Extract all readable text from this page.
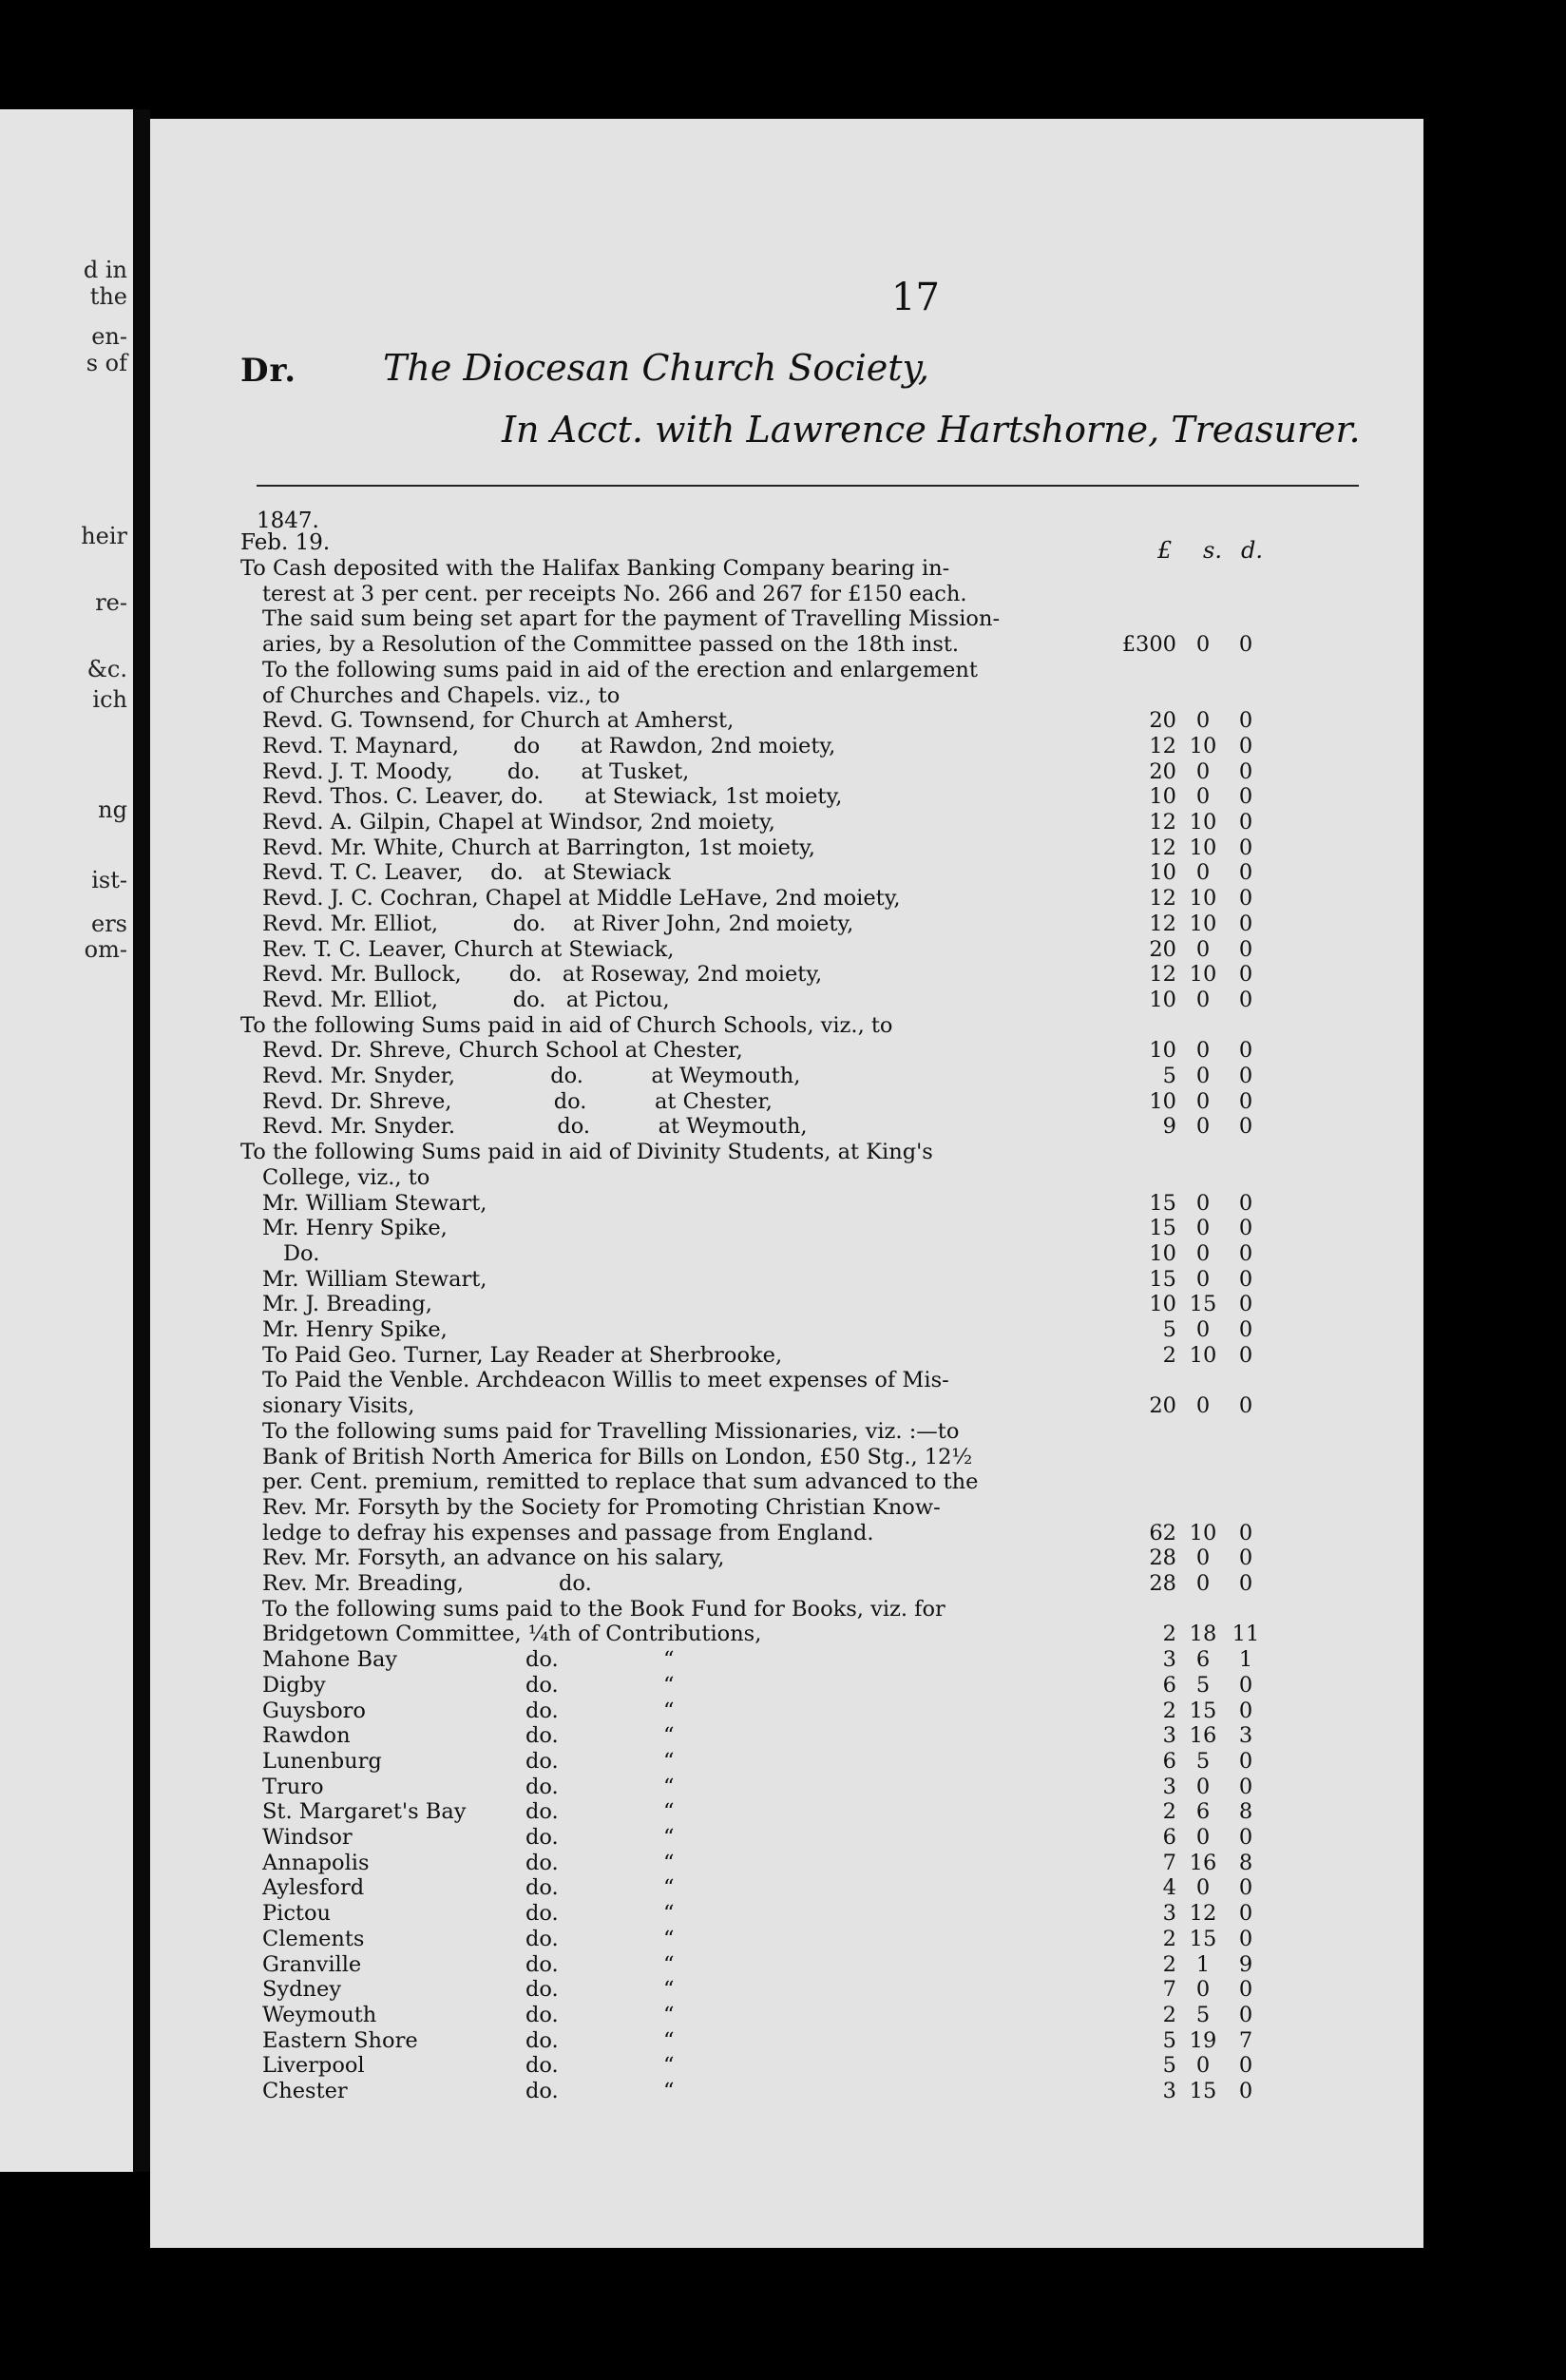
d in
the
en-
s of
heir
re-
&c.
ich
ng
ist-
ers
om-
17
Dr. The Diocesan Church Society,
In Acct. with Lawrence Hartshorne, Treasurer.
1847.
Feb. 19.	£ s. d.
To Cash deposited with the Halifax Banking Company bearing in-
terest at 3 per cent. per receipts No. 266 and 267 for £150 each.
The said sum being set apart for the payment of Travelling Mission-
aries, by a Resolution of the Committee passed on the 18th inst.	£300 0	0
To the following sums paid in aid of the erection and enlargement
of Churches and Chapels. viz., to
Revd. G. Townsend, for Church at Amherst,	20 0	0
Revd. T. Maynard,        do      at Rawdon, 2nd moiety,	12 10	0
Revd. J. T. Moody,        do.      at Tusket,	20 0	0
Revd. Thos. C. Leaver, do.      at Stewiack, 1st moiety,	10 0	0
Revd. A. Gilpin, Chapel at Windsor, 2nd moiety,	12 10	0
Revd. Mr. White, Church at Barrington, 1st moiety,	12 10	0
Revd. T. C. Leaver,    do.   at Stewiack	10 0	0
Revd. J. C. Cochran, Chapel at Middle LeHave, 2nd moiety,	12 10	0
Revd. Mr. Elliot,           do.    at River John, 2nd moiety,	12 10	0
Rev. T. C. Leaver, Church at Stewiack,	20 0	0
Revd. Mr. Bullock,       do.   at Roseway, 2nd moiety,	12 10	0
Revd. Mr. Elliot,           do.   at Pictou,	10 0	0
To the following Sums paid in aid of Church Schools, viz., to
Revd. Dr. Shreve, Church School at Chester,	10 0	0
Revd. Mr. Snyder,              do.          at Weymouth,	5 0	0
Revd. Dr. Shreve,               do.          at Chester,	10 0	0
Revd. Mr. Snyder.               do.          at Weymouth,	9 0	0
To the following Sums paid in aid of Divinity Students, at King's
College, viz., to
Mr. William Stewart,	15 0	0
Mr. Henry Spike,	15 0	0
Do.	10 0	0
Mr. William Stewart,	15 0	0
Mr. J. Breading,	10 15	0
Mr. Henry Spike,	5 0	0
To Paid Geo. Turner, Lay Reader at Sherbrooke,	2 10	0
To Paid the Venble. Archdeacon Willis to meet expenses of Mis-
sionary Visits,	20 0	0
To the following sums paid for Travelling Missionaries, viz. :—to
Bank of British North America for Bills on London, £50 Stg., 12½
per. Cent. premium, remitted to replace that sum advanced to the
Rev. Mr. Forsyth by the Society for Promoting Christian Know-
ledge to defray his expenses and passage from England.	62 10	0
Rev. Mr. Forsyth, an advance on his salary,	28 0	0
Rev. Mr. Breading,              do.	28 0	0
To the following sums paid to the Book Fund for Books, viz. for
Bridgetown Committee, ¼th of Contributions,	2 18 11
Mahone Bay	do.	“	3 6	1
Digby	do.	“	6 5	0
Guysboro	do.	“	2 15	0
Rawdon	do.	“	3 16	3
Lunenburg	do.	“	6 5	0
Truro	do.	“	3 0	0
St. Margaret's Bay	do.	“	2 6	8
Windsor	do.	“	6 0	0
Annapolis	do.	“	7 16	8
Aylesford	do.	“	4 0	0
Pictou	do.	“	3 12	0
Clements	do.	“	2 15	0
Granville	do.	“	2 1	9
Sydney	do.	“	7 0	0
Weymouth	do.	“	2 5	0
Eastern Shore	do.	“	5 19	7
Liverpool	do.	“	5 0	0
Chester	do.	“	3 15	0
